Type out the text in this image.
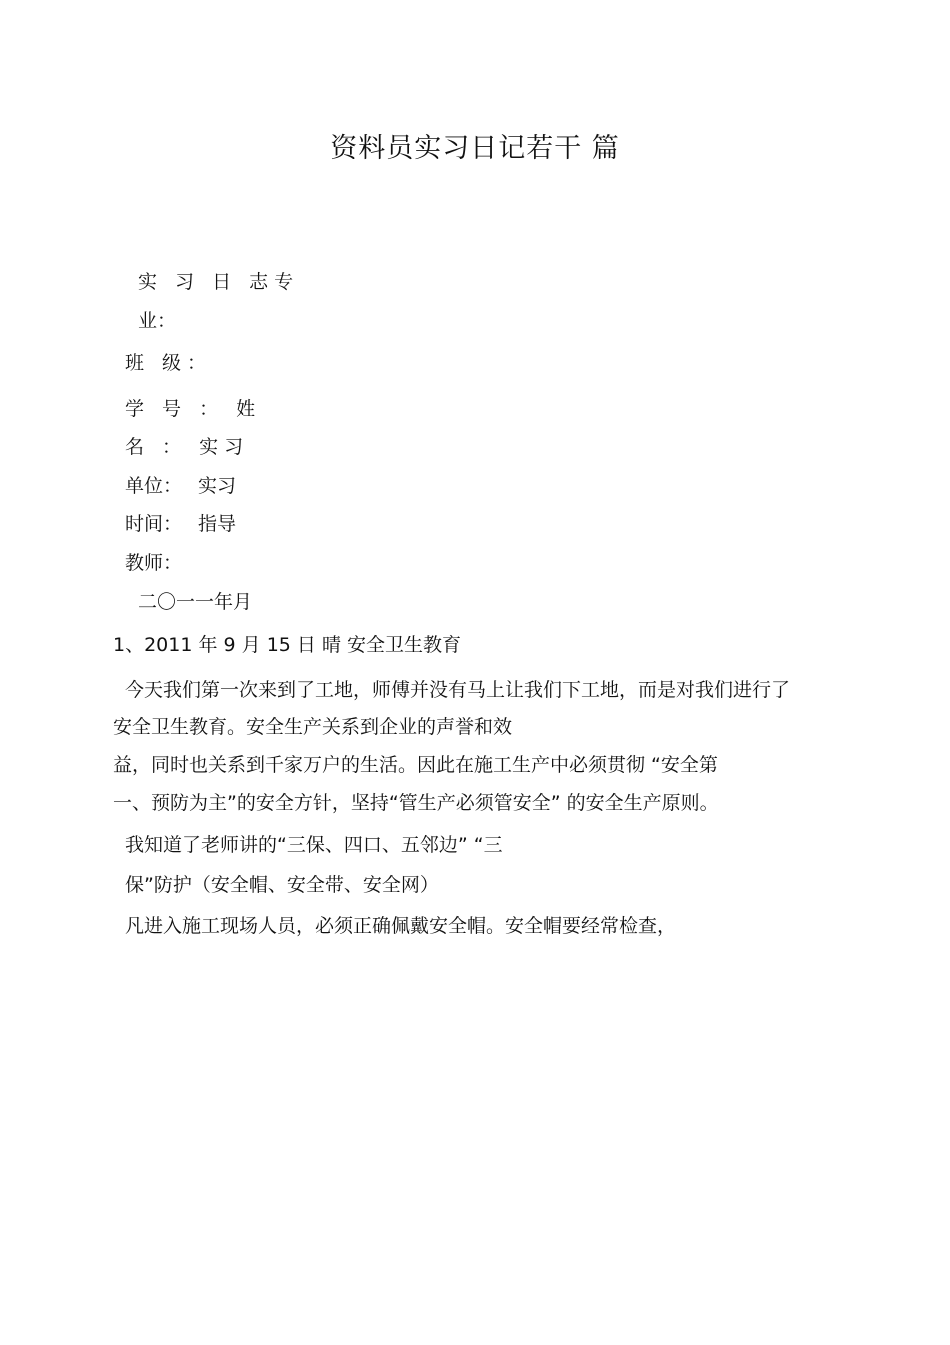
资料员实习日记若干 篇
实 习 日 志专
业：
班 级：
学 号 ： 姓
名 ： 实习
单位： 实习
时间： 指导
教师：
二〇一一年月
1、2011 年 9 月 15 日 晴 安全卫生教育
今天我们第一次来到了工地，师傅并没有马上让我们下工地，而是对我们进行了
安全卫生教育。安全生产关系到企业的声誉和效
益，同时也关系到千家万户的生活。因此在施工生产中必须贯彻 “安全第
一、预防为主”的安全方针，坚持“管生产必须管安全” 的安全生产原则。
我知道了老师讲的“三保、四口、五邻边” “三
保”防护（安全帽、安全带、安全网）
凡进入施工现场人员，必须正确佩戴安全帽。安全帽要经常检查，
